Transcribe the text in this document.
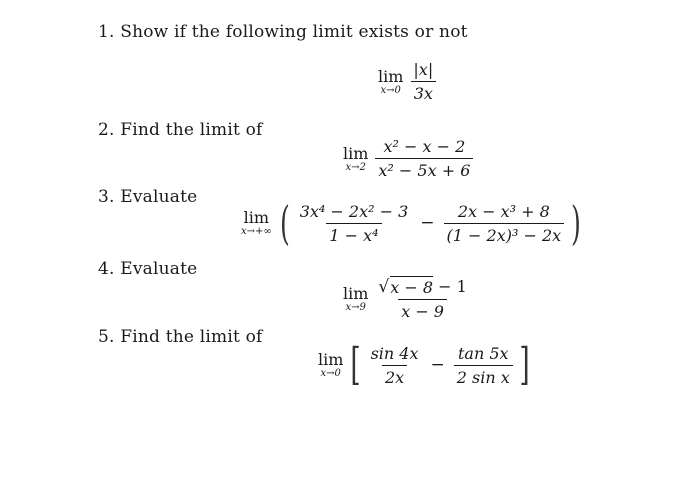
1. Show if the following limit exists or not
lim
$x\to 0 \frac{|x|}{3x}$
2. Find the limit of
lim
$x\to 2 \frac{\text{x² − x − 2}}{\text{x² − 5x + 6}}$
3. Evaluate
lim
x→+∞ ( $\frac{\text{3x⁴ − 2x² − 3}}{\text{1 − x⁴}} - \frac{\text{2x − x³ + 8}}{\text{(1 − 2x)³ − 2x}}$ )
4. Evaluate
lim
$x\to 9 \frac{√ x - 8 - 1}{x - 9}$
5. Find the limit of
lim
x→0 [ $\frac{\sin 4x}{2x} - \frac{\tan 5x}{\text{2 sin x}}$ ]
